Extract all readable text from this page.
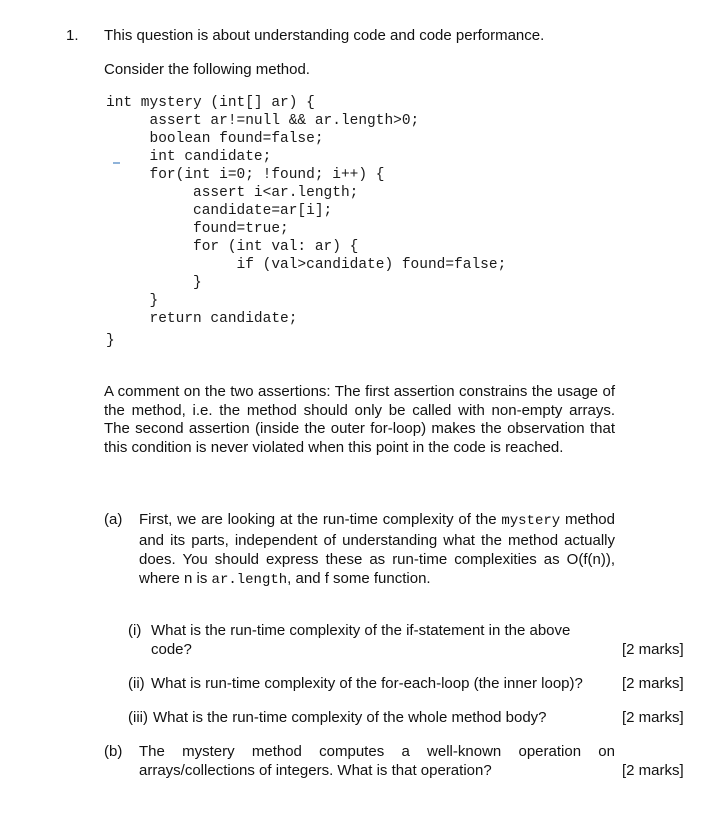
1. This question is about understanding code and code performance.
Consider the following method.
int mystery (int[] ar) {
assert ar!=null && ar.length>0;
boolean found=false;
int candidate;
for(int i=0; !found; i++) {
assert i<ar.length;
candidate=ar[i];
found=true;
for (int val: ar) {
if (val>candidate) found=false;
}
}
return candidate;
}
A comment on the two assertions: The first assertion constrains the usage of the method, i.e. the method should only be called with non-empty arrays. The second assertion (inside the outer for-loop) makes the observation that this condition is never violated when this point in the code is reached.
(a) First, we are looking at the run-time complexity of the mystery method and its parts, independent of understanding what the method actually does. You should express these as run-time complexities as O(f(n)), where n is ar.length, and f some function.
(i) What is the run-time complexity of the if-statement in the above code?	[2 marks]
(ii) What is run-time complexity of the for-each-loop (the inner loop)?	[2 marks]
(iii) What is the run-time complexity of the whole method body?	[2 marks]
(b) The mystery method computes a well-known operation on arrays/collections of integers. What is that operation?	[2 marks]
